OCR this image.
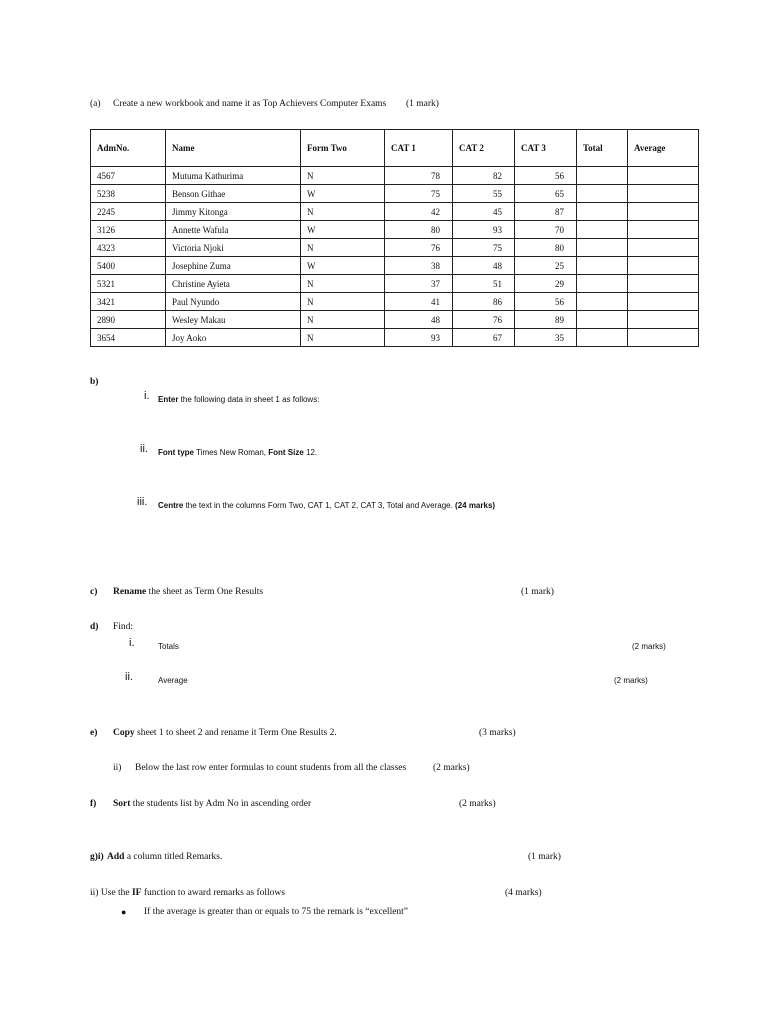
(a) Create a new workbook and name it as Top Achievers Computer Exams (1 mark)
AdmNo.	Name	Form Two	CAT 1	CAT 2	CAT 3	Total	Average
4567	Mutuma Kathurima	N	78	82	56		
5238	Benson Githae	W	75	55	65		
2245	Jimmy Kitonga	N	42	45	87		
3126	Annette Wafula	W	80	93	70		
4323	Victoria Njoki	N	76	75	80		
5400	Josephine Zuma	W	38	48	25		
5321	Christine Ayieta	N	37	51	29		
3421	Paul Nyundo	N	41	86	56		
2890	Wesley Makau	N	48	76	89		
3654	Joy Aoko	N	93	67	35		
b)
i. Enter the following data in sheet 1 as follows:
ii. Font type Times New Roman, Font Size 12.
iii. Centre the text in the columns Form Two, CAT 1, CAT 2, CAT 3, Total and Average. (24 marks)
c) Rename the sheet as Term One Results	(1 mark)
d) Find:
i.	Totals	(2 marks)
ii.	Average	(2 marks)
e) Copy sheet 1 to sheet 2 and rename it Term One Results 2.	(3 marks)
ii) Below the last row enter formulas to count students from all the classes	(2 marks)
f) Sort the students list by Adm No in ascending order	(2 marks)
g)i) Add a column titled Remarks.	(1 mark)
ii) Use the IF function to award remarks as follows	(4 marks)
● If the average is greater than or equals to 75 the remark is “excellent”
